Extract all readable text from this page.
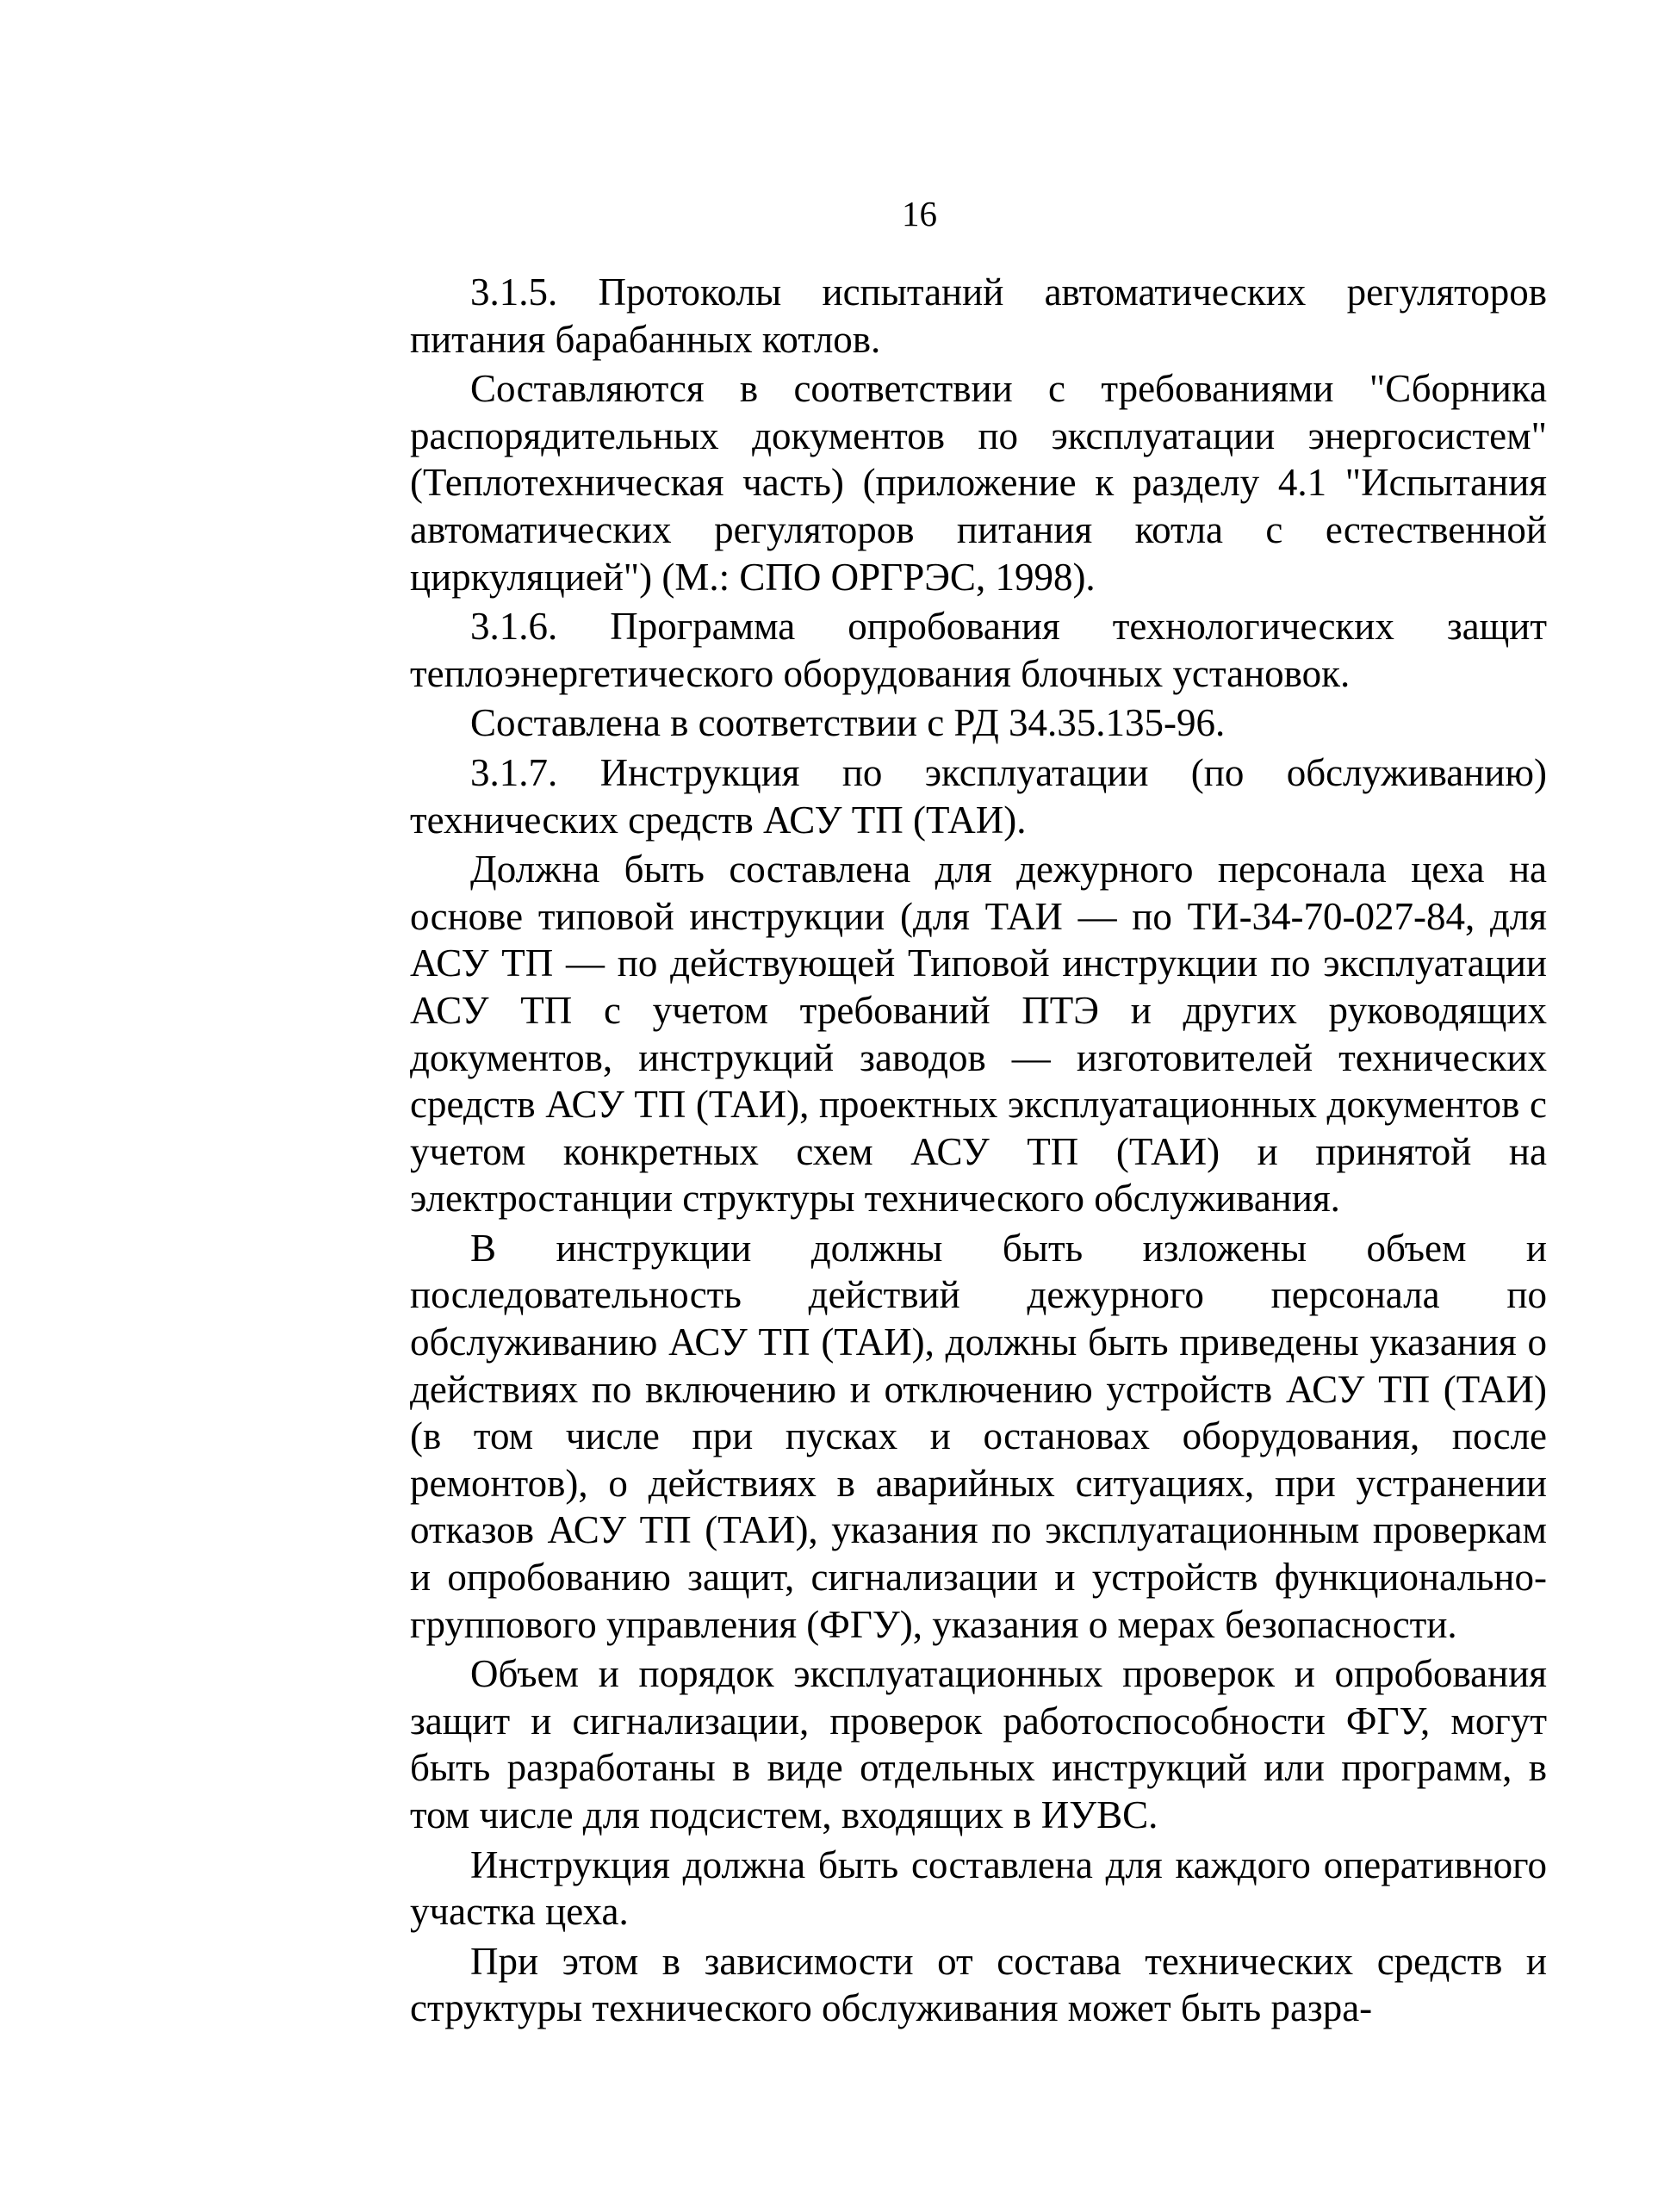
16

3.1.5. Протоколы испытаний автоматических регуляторов питания барабанных котлов.

Составляются в соответствии с требованиями "Сборника распорядительных документов по эксплуатации энергосистем" (Теплотехническая часть) (приложение к разделу 4.1 "Испытания автоматических регуляторов питания котла с естественной циркуляцией") (М.: СПО ОРГРЭС, 1998).

3.1.6. Программа опробования технологических защит теплоэнергетического оборудования блочных установок.

Составлена в соответствии с РД 34.35.135-96.

3.1.7. Инструкция по эксплуатации (по обслуживанию) технических средств АСУ ТП (ТАИ).

Должна быть составлена для дежурного персонала цеха на основе типовой инструкции (для ТАИ — по ТИ-34-70-027-84, для АСУ ТП — по действующей Типовой инструкции по эксплуатации АСУ ТП с учетом требований ПТЭ и других руководящих документов, инструкций заводов — изготовителей технических средств АСУ ТП (ТАИ), проектных эксплуатационных документов с учетом конкретных схем АСУ ТП (ТАИ) и принятой на электростанции структуры технического обслуживания.

В инструкции должны быть изложены объем и последовательность действий дежурного персонала по обслуживанию АСУ ТП (ТАИ), должны быть приведены указания о действиях по включению и отключению устройств АСУ ТП (ТАИ) (в том числе при пусках и остановах оборудования, после ремонтов), о действиях в аварийных ситуациях, при устранении отказов АСУ ТП (ТАИ), указания по эксплуатационным проверкам и опробованию защит, сигнализации и устройств функционально-группового управления (ФГУ), указания о мерах безопасности.

Объем и порядок эксплуатационных проверок и опробования защит и сигнализации, проверок работоспособности ФГУ, могут быть разработаны в виде отдельных инструкций или программ, в том числе для подсистем, входящих в ИУВС.

Инструкция должна быть составлена для каждого оперативного участка цеха.

При этом в зависимости от состава технических средств и структуры технического обслуживания может быть разра-
